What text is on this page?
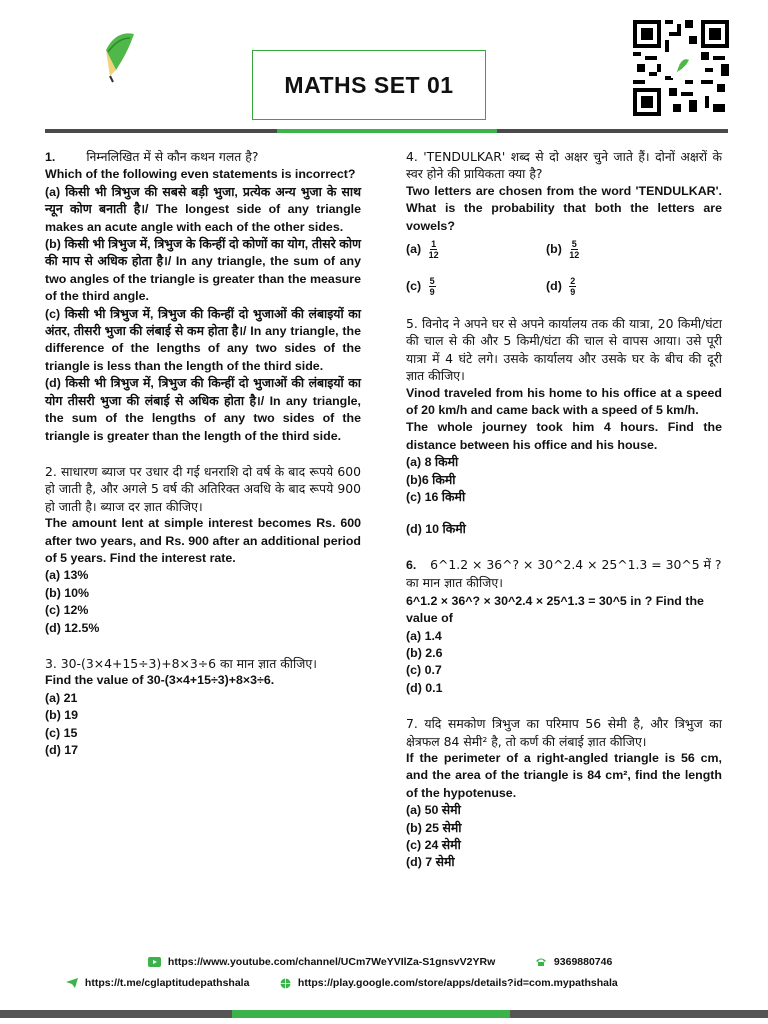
MATHS SET 01

1. निम्नलिखित में से कौन कथन गलत है?

Which of the following even statements is incorrect?

(a) किसी भी त्रिभुज की सबसे बड़ी भुजा, प्रत्येक अन्य भुजा के साथ न्यून कोण बनाती है।/ The longest side of any triangle makes an acute angle with each of the other sides.

(b) किसी भी त्रिभुज में, त्रिभुज के किन्हीं दो कोणों का योग, तीसरे कोण की माप से अधिक होता है।/ In any triangle, the sum of any two angles of the triangle is greater than the measure of the third angle.

(c) किसी भी त्रिभुज में, त्रिभुज की किन्हीं दो भुजाओं की लंबाइयों का अंतर, तीसरी भुजा की लंबाई से कम होता है।/ In any triangle, the difference of the lengths of any two sides of the triangle is less than the length of the third side.

(d) किसी भी त्रिभुज में, त्रिभुज की किन्हीं दो भुजाओं की लंबाइयों का योग तीसरी भुजा की लंबाई से अधिक होता है।/ In any triangle, the sum of the lengths of any two sides of the triangle is greater than the length of the third side.

2. साधारण ब्याज पर उधार दी गई धनराशि दो वर्ष के बाद रूपये 600 हो जाती है, और अगले 5 वर्ष की अतिरिक्त अवधि के बाद रूपये 900 हो जाती है। ब्याज दर ज्ञात कीजिए।

The amount lent at simple interest becomes Rs. 600 after two years, and Rs. 900 after an additional period of 5 years. Find the interest rate.

(a) 13%

(b) 10%

(c) 12%

(d) 12.5%

3. 30-(3×4+15÷3)+8×3÷6 का मान ज्ञात कीजिए।

Find the value of 30-(3×4+15÷3)+8×3÷6.

(a) 21

(b) 19

(c) 15

(d) 17

4. 'TENDULKAR' शब्द से दो अक्षर चुने जाते हैं। दोनों अक्षरों के स्वर होने की प्रायिकता क्या है?

Two letters are chosen from the word 'TENDULKAR'. What is the probability that both the letters are vowels?

$(a) \frac{1}{12}$	$(b) \frac{5}{12}$
$(c) \frac{5}{9}$	$(d) \frac{2}{9}$

5. विनोद ने अपने घर से अपने कार्यालय तक की यात्रा, 20 किमी/घंटा की चाल से की और 5 किमी/घंटा की चाल से वापस आया। उसे पूरी यात्रा में 4 घंटे लगे। उसके कार्यालय और उसके घर के बीच की दूरी ज्ञात कीजिए।

Vinod traveled from his home to his office at a speed of 20 km/h and came back with a speed of 5 km/h.

The whole journey took him 4 hours. Find the distance between his office and his house.

(a) 8 किमी

(b)6 किमी

(c) 16 किमी

(d) 10 किमी

6. 6^1.2 × 36^? × 30^2.4 × 25^1.3 = 30^5 में ? का मान ज्ञात कीजिए।

6^1.2 × 36^? × 30^2.4 × 25^1.3 = 30^5 in ? Find the value of

(a) 1.4

(b) 2.6

(c) 0.7

(d) 0.1

7. यदि समकोण त्रिभुज का परिमाप 56 सेमी है, और त्रिभुज का क्षेत्रफल 84 सेमी² है, तो कर्ण की लंबाई ज्ञात कीजिए।

If the perimeter of a right-angled triangle is 56 cm, and the area of the triangle is 84 cm², find the length of the hypotenuse.

(a) 50 सेमी

(b) 25 सेमी

(c) 24 सेमी

(d) 7 सेमी

https://www.youtube.com/channel/UCm7WeYVIlZa-S1gnsvV2YRw	9369880746
https://t.me/cglaptitudepathshala	https://play.google.com/store/apps/details?id=com.mypathshala
